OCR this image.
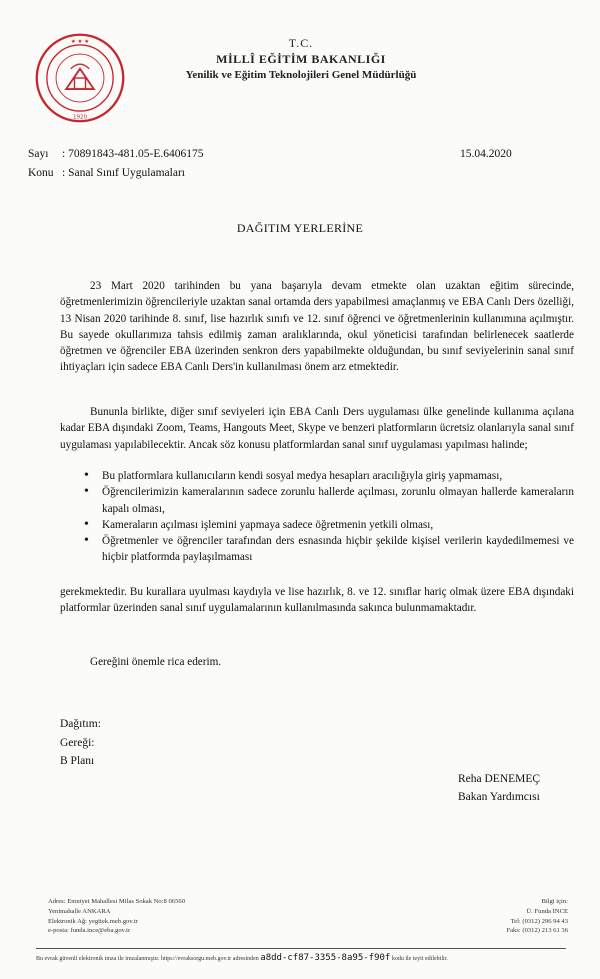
★ ★ ★
1920
T.C.
MİLLÎ EĞİTİM BAKANLIĞI
Yenilik ve Eğitim Teknolojileri Genel Müdürlüğü
Sayı : 70891843-481.05-E.6406175
Konu : Sanal Sınıf Uygulamaları
15.04.2020
DAĞITIM YERLERİNE

23 Mart 2020 tarihinden bu yana başarıyla devam etmekte olan uzaktan eğitim sürecinde, öğretmenlerimizin öğrencileriyle uzaktan sanal ortamda ders yapabilmesi amaçlanmış ve EBA Canlı Ders özelliği, 13 Nisan 2020 tarihinde 8. sınıf, lise hazırlık sınıfı ve 12. sınıf öğrenci ve öğretmenlerinin kullanımına açılmıştır. Bu sayede okullarımıza tahsis edilmiş zaman aralıklarında, okul yöneticisi tarafından belirlenecek saatlerde öğretmen ve öğrenciler EBA üzerinden senkron ders yapabilmekte olduğundan, bu sınıf seviyelerinin sanal sınıf ihtiyaçları için sadece EBA Canlı Ders'in kullanılması önem arz etmektedir.

Bununla birlikte, diğer sınıf seviyeleri için EBA Canlı Ders uygulaması ülke genelinde kullanıma açılana kadar EBA dışındaki Zoom, Teams, Hangouts Meet, Skype ve benzeri platformların ücretsiz olanlarıyla sanal sınıf uygulaması yapılabilecektir. Ancak söz konusu platformlardan sanal sınıf uygulaması yapılması halinde;

• Bu platformlara kullanıcıların kendi sosyal medya hesapları aracılığıyla giriş yapmaması,
• Öğrencilerimizin kameralarının sadece zorunlu hallerde açılması, zorunlu olmayan hallerde kameraların kapalı olması,
• Kameraların açılması işlemini yapmaya sadece öğretmenin yetkili olması,
• Öğretmenler ve öğrenciler tarafından ders esnasında hiçbir şekilde kişisel verilerin kaydedilmemesi ve hiçbir platformda paylaşılmaması

gerekmektedir. Bu kurallara uyulması kaydıyla ve lise hazırlık, 8. ve 12. sınıflar hariç olmak üzere EBA dışındaki platformlar üzerinden sanal sınıf uygulamalarının kullanılmasında sakınca bulunmamaktadır.

Gereğini önemle rica ederim.

Dağıtım:
Gereği:
B Planı
Reha DENEMEÇ
Bakan Yardımcısı
Adres: Emniyet Mahallesi Milas Sokak No:8 06560
Yenimahalle ANKARA
Elektronik Ağ: yegitek.meb.gov.tr
e-posta: funda.ince@eba.gov.tr
Bilgi için:
Ü. Funda İNCE
Tel: (0312) 296 94 43
Faks: (0312) 213 61 36
Bu evrak güvenli elektronik imza ile imzalanmıştır. https://evraksorgu.meb.gov.tr adresinden a8dd-cf87-3355-8a95-f90f kodu ile teyit edilebilir.
